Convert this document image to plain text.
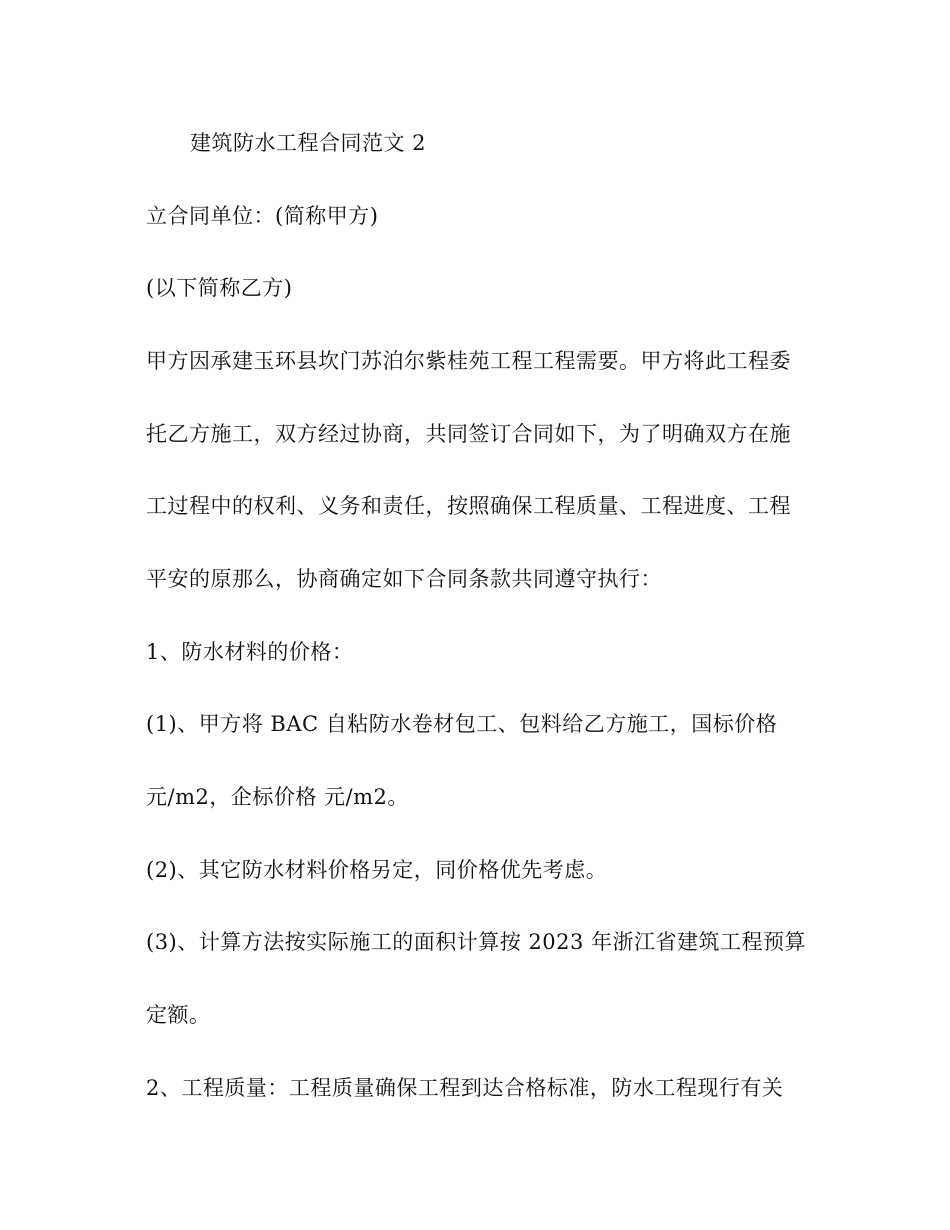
建筑防水工程合同范文 2
立合同单位：(简称甲方)
(以下简称乙方)
甲方因承建玉环县坎门苏泊尔紫桂苑工程工程需要。甲方将此工程委
托乙方施工，双方经过协商，共同签订合同如下，为了明确双方在施
工过程中的权利、义务和责任，按照确保工程质量、工程进度、工程
平安的原那么，协商确定如下合同条款共同遵守执行：
1、防水材料的价格：
(1)、甲方将 BAC 自粘防水卷材包工、包料给乙方施工，国标价格
元/m2，企标价格 元/m2。
(2)、其它防水材料价格另定，同价格优先考虑。
(3)、计算方法按实际施工的面积计算按 2023 年浙江省建筑工程预算
定额。
2、工程质量：工程质量确保工程到达合格标准，防水工程现行有关
